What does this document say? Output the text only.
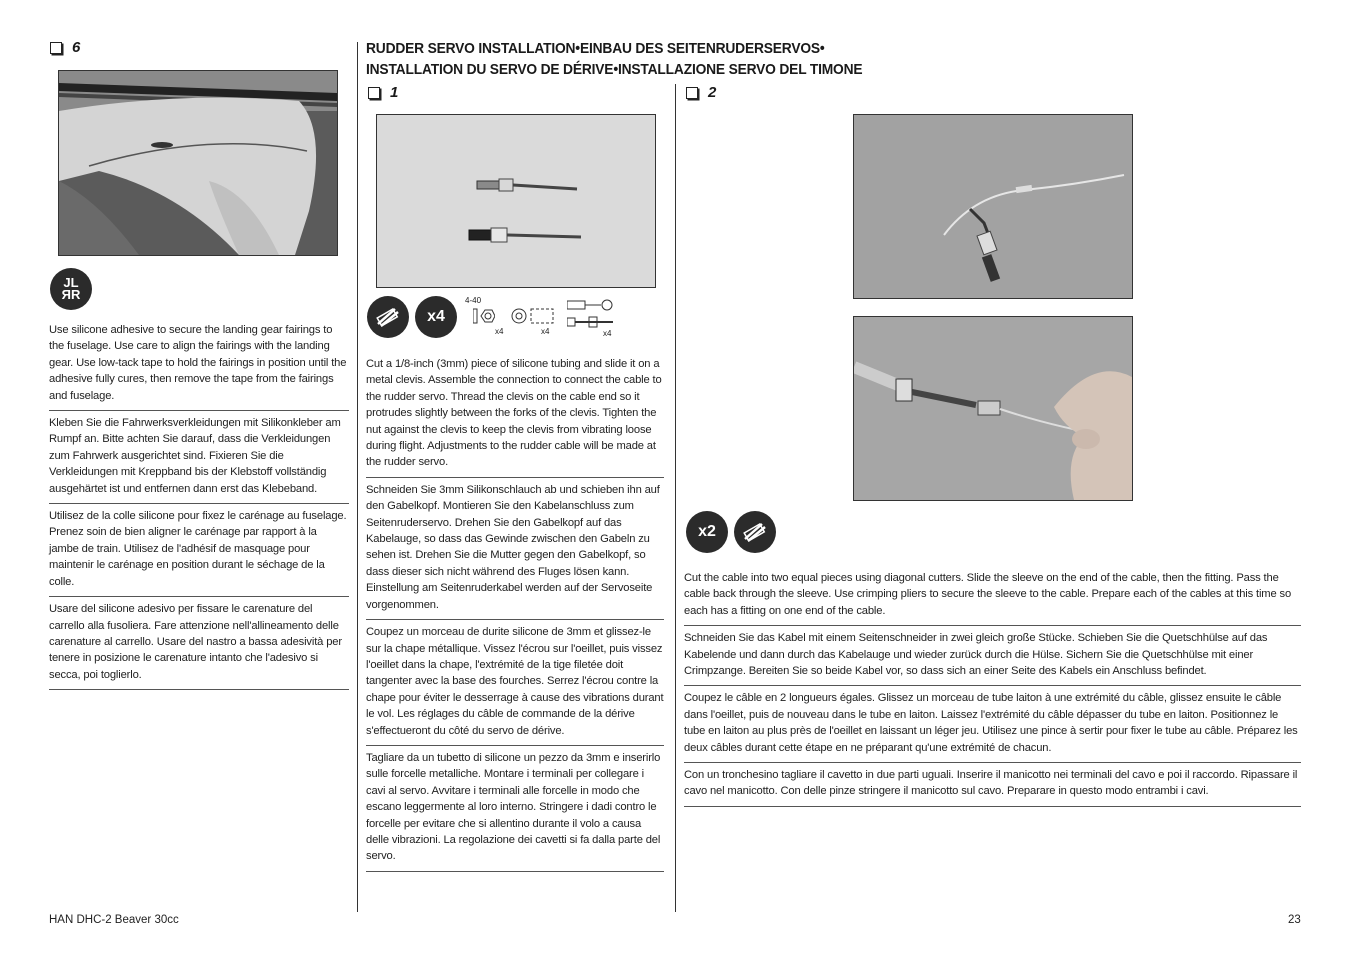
6
JL
ЯR
Use silicone adhesive to secure the landing gear fairings to the fuselage. Use care to align the fairings with the landing gear. Use low-tack tape to hold the fairings in position until the adhesive fully cures, then remove the tape from the fairings and fuselage.
Kleben Sie die Fahrwerksverkleidungen mit Silikonkleber am Rumpf an. Bitte achten Sie darauf, dass die Verkleidungen zum Fahrwerk ausgerichtet sind. Fixieren Sie die Verkleidungen mit Kreppband bis der Klebstoff vollständig ausgehärtet ist und entfernen dann erst das Klebeband.
Utilisez de la colle silicone pour fixez le carénage au fuselage. Prenez soin de bien aligner le carénage par rapport à la jambe de train. Utilisez de l'adhésif de masquage pour maintenir le carénage en position durant le séchage de la colle.
Usare del silicone adesivo per fissare le carenature del carrello alla fusoliera. Fare attenzione nell'allineamento delle carenature al carrello. Usare del nastro a bassa adesività per tenere in posizione le carenature intanto che l'adesivo si secca, poi toglierlo.
RUDDER SERVO INSTALLATION•EINBAU DES SEITENRUDERSERVOS•
INSTALLATION DU SERVO DE DÉRIVE•INSTALLAZIONE SERVO DEL TIMONE
1
x4
4-40
x4	x4	x4
Cut a 1/8-inch (3mm) piece of silicone tubing and slide it on a metal clevis. Assemble the connection to connect the cable to the rudder servo. Thread the clevis on the cable end so it protrudes slightly between the forks of the clevis. Tighten the nut against the clevis to keep the clevis from vibrating loose during flight. Adjustments to the rudder cable will be made at the rudder servo.
Schneiden Sie 3mm Silikonschlauch ab und schieben ihn auf den Gabelkopf. Montieren Sie den Kabelanschluss zum Seitenruderservo. Drehen Sie den Gabelkopf auf das Kabelauge, so dass das Gewinde zwischen den Gabeln zu sehen ist. Drehen Sie die Mutter gegen den Gabelkopf, so dass dieser sich nicht während des Fluges lösen kann. Einstellung am Seitenruderkabel werden auf der Servoseite vorgenommen.
Coupez un morceau de durite silicone de 3mm et glissez-le sur la chape métallique. Vissez l'écrou sur l'oeillet, puis vissez l'oeillet dans la chape, l'extrémité de la tige filetée doit tangenter avec la base des fourches. Serrez l'écrou contre la chape pour éviter le desserrage à cause des vibrations durant le vol. Les réglages du câble de commande de la dérive s'effectueront du côté du servo de dérive.
Tagliare da un tubetto di silicone un pezzo da 3mm e inserirlo sulle forcelle metalliche. Montare i terminali per collegare i cavi al servo. Avvitare i terminali alle forcelle in modo che escano leggermente al loro interno. Stringere i dadi contro le forcelle per evitare che si allentino durante il volo a causa delle vibrazioni. La regolazione dei cavetti si fa dalla parte del servo.
2
x2
Cut the cable into two equal pieces using diagonal cutters. Slide the sleeve on the end of the cable, then the fitting. Pass the cable back through the sleeve. Use crimping pliers to secure the sleeve to the cable. Prepare each of the cables at this time so each has a fitting on one end of the cable.
Schneiden Sie das Kabel mit einem Seitenschneider in zwei gleich große Stücke. Schieben Sie die Quetschhülse auf das Kabelende und dann durch das Kabelauge und wieder zurück durch die Hülse. Sichern Sie die Quetschhülse mit einer Crimpzange. Bereiten Sie so beide Kabel vor, so dass sich an einer Seite des Kabels ein Anschluss befindet.
Coupez le câble en 2 longueurs égales. Glissez un morceau de tube laiton à une extrémité du câble, glissez ensuite le câble dans l'oeillet, puis de nouveau dans le tube en laiton. Laissez l'extrémité du câble dépasser du tube en laiton. Positionnez le tube en laiton au plus près de l'oeillet en laissant un léger jeu. Utilisez une pince à sertir pour fixer le tube au câble. Préparez les deux câbles durant cette étape en ne préparant qu'une extrémité de chacun.
Con un tronchesino tagliare il cavetto in due parti uguali. Inserire il manicotto nei terminali del cavo e poi il raccordo. Ripassare il cavo nel manicotto. Con delle pinze stringere il manicotto sul cavo. Preparare in questo modo entrambi i cavi.
HAN DHC-2 Beaver 30cc	23
